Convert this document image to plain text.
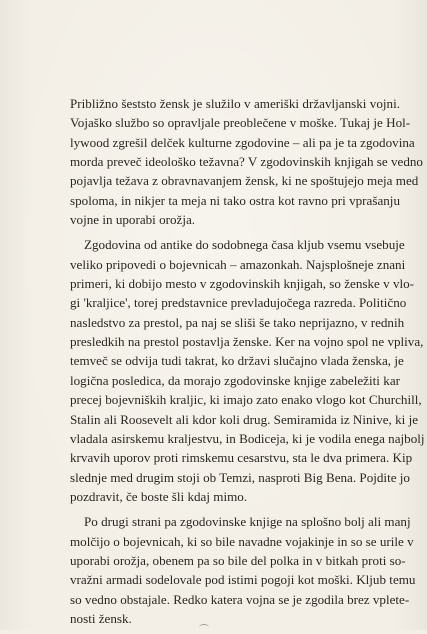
Približno šeststo žensk je služilo v ameriški državljanski vojni.
Vojaško službo so opravljale preoblečene v moške. Tukaj je Hol-
lywood zgrešil delček kulturne zgodovine – ali pa je ta zgodovina
morda preveč ideološko težavna? V zgodovinskih knjigah se vedno
pojavlja težava z obravnavanjem žensk, ki ne spoštujejo meja med
spoloma, in nikjer ta meja ni tako ostra kot ravno pri vprašanju
vojne in uporabi orožja.

Zgodovina od antike do sodobnega časa kljub vsemu vsebuje
veliko pripovedi o bojevnicah – amazonkah. Najsplošneje znani
primeri, ki dobijo mesto v zgodovinskih knjigah, so ženske v vlo-
gi 'kraljice', torej predstavnice prevladujočega razreda. Politično
nasledstvo za prestol, pa naj se sliši še tako neprijazno, v rednih
presledkih na prestol postavlja ženske. Ker na vojno spol ne vpliva,
temveč se odvija tudi takrat, ko državi slučajno vlada ženska, je
logična posledica, da morajo zgodovinske knjige zabeležiti kar
precej bojevniških kraljic, ki imajo zato enako vlogo kot Churchill,
Stalin ali Roosevelt ali kdor koli drug. Semiramida iz Ninive, ki je
vladala asirskemu kraljestvu, in Bodiceja, ki je vodila enega najbolj
krvavih uporov proti rimskemu cesarstvu, sta le dva primera. Kip
slednje med drugim stoji ob Temzi, nasproti Big Bena. Pojdite jo
pozdravit, če boste šli kdaj mimo.

Po drugi strani pa zgodovinske knjige na splošno bolj ali manj
molčijo o bojevnicah, ki so bile navadne vojakinje in so se urile v
uporabi orožja, obenem pa so bile del polka in v bitkah proti so-
vražni armadi sodelovale pod istimi pogoji kot moški. Kljub temu
so vedno obstajale. Redko katera vojna se je zgodila brez vplete-
nosti žensk.
